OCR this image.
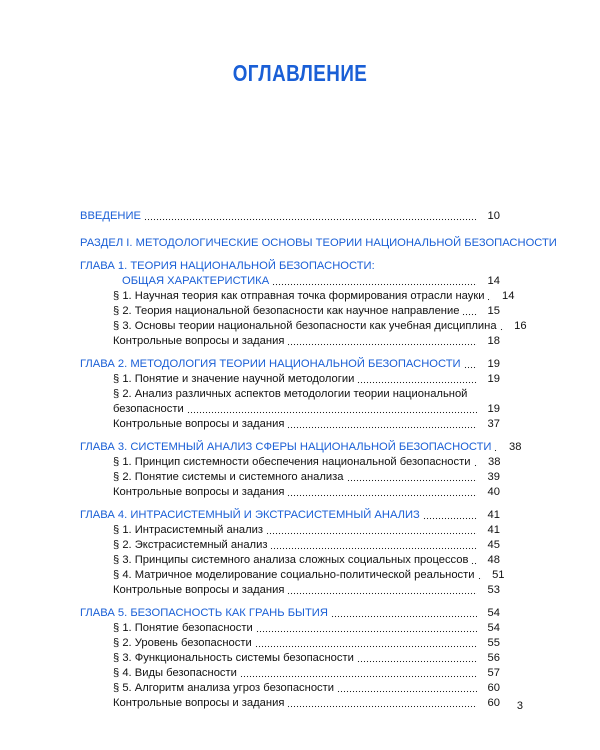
ОГЛАВЛЕНИЕ
ВВЕДЕНИЕ	10
РАЗДЕЛ I. МЕТОДОЛОГИЧЕСКИЕ ОСНОВЫ ТЕОРИИ НАЦИОНАЛЬНОЙ БЕЗОПАСНОСТИ
ГЛАВА 1. ТЕОРИЯ НАЦИОНАЛЬНОЙ БЕЗОПАСНОСТИ:
ОБЩАЯ ХАРАКТЕРИСТИКА	14
§ 1. Научная теория как отправная точка формирования отрасли науки	14
§ 2. Теория национальной безопасности как научное направление	15
§ 3. Основы теории национальной безопасности как учебная дисциплина	16
Контрольные вопросы и задания	18
ГЛАВА 2. МЕТОДОЛОГИЯ ТЕОРИИ НАЦИОНАЛЬНОЙ БЕЗОПАСНОСТИ	19
§ 1. Понятие и значение научной методологии	19
§ 2. Анализ различных аспектов методологии теории национальной
безопасности	19
Контрольные вопросы и задания	37
ГЛАВА 3. СИСТЕМНЫЙ АНАЛИЗ СФЕРЫ НАЦИОНАЛЬНОЙ БЕЗОПАСНОСТИ	38
§ 1. Принцип системности обеспечения национальной безопасности	38
§ 2. Понятие системы и системного анализа	39
Контрольные вопросы и задания	40
ГЛАВА 4. ИНТРАСИСТЕМНЫЙ И ЭКСТРАСИСТЕМНЫЙ АНАЛИЗ	41
§ 1. Интрасистемный анализ	41
§ 2. Экстрасистемный анализ	45
§ 3. Принципы системного анализа сложных социальных процессов	48
§ 4. Матричное моделирование социально-политической реальности	51
Контрольные вопросы и задания	53
ГЛАВА 5. БЕЗОПАСНОСТЬ КАК ГРАНЬ БЫТИЯ	54
§ 1. Понятие безопасности	54
§ 2. Уровень безопасности	55
§ 3. Функциональность системы безопасности	56
§ 4. Виды безопасности	57
§ 5. Алгоритм анализа угроз безопасности	60
Контрольные вопросы и задания	60 3
